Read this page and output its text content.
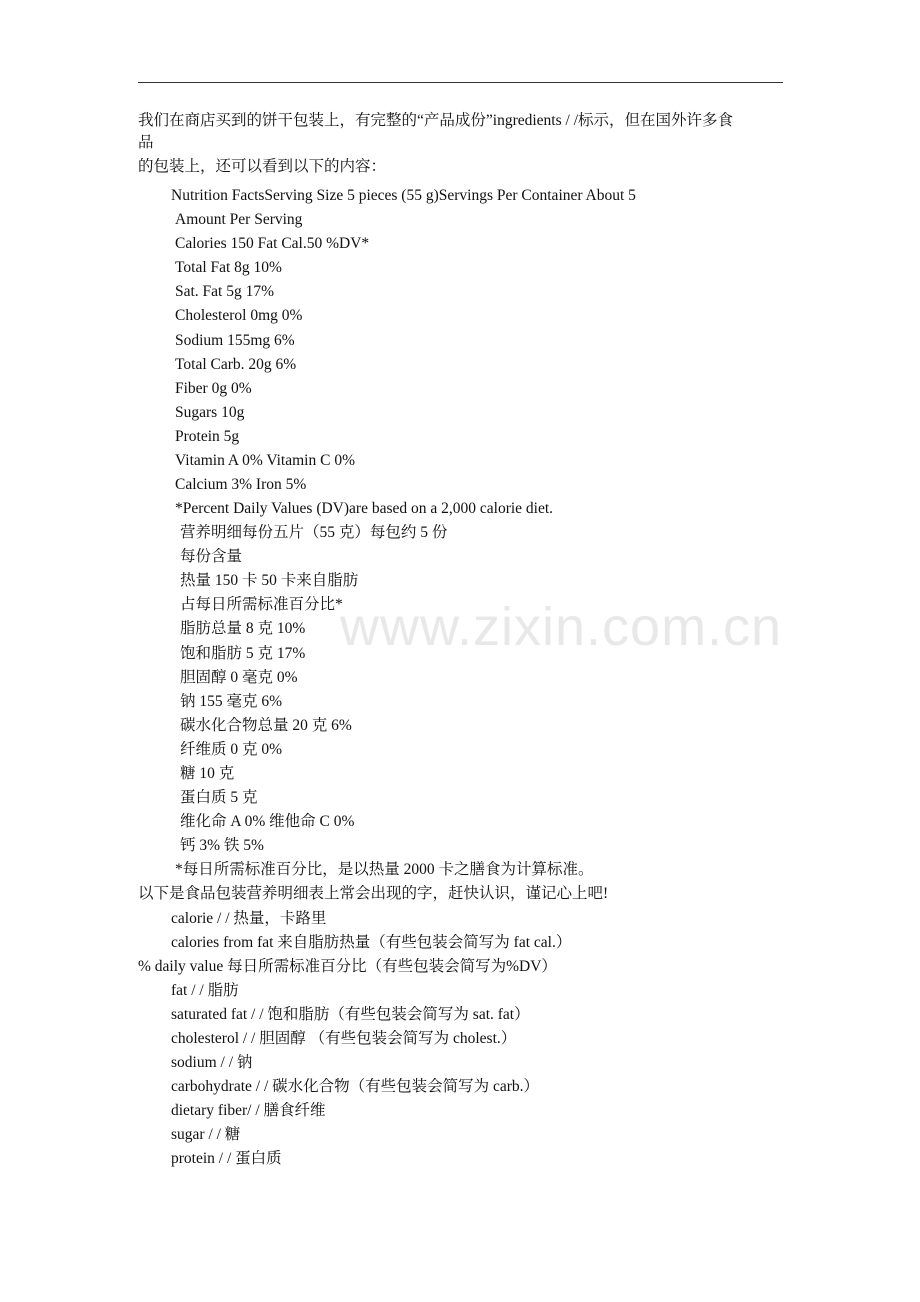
www.zixin.com.cn
我们在商店买到的饼干包装上，有完整的“产品成份”ingredients / /标示，但在国外许多食
品
的包装上，还可以看到以下的内容：
Nutrition FactsServing Size 5 pieces (55 g)Servings Per Container About 5
Amount Per Serving
Calories 150 Fat Cal.50 %DV*
Total Fat 8g 10%
Sat. Fat 5g 17%
Cholesterol 0mg 0%
Sodium 155mg 6%
Total Carb. 20g 6%
Fiber 0g 0%
Sugars 10g
Protein 5g
Vitamin A 0% Vitamin C 0%
Calcium 3% Iron 5%
*Percent Daily Values (DV)are based on a 2,000 calorie diet.
营养明细每份五片（55 克）每包约 5 份
每份含量
热量 150 卡 50 卡来自脂肪
占每日所需标准百分比*
脂肪总量 8 克 10%
饱和脂肪 5 克 17%
胆固醇 0 毫克 0%
钠 155 毫克 6%
碳水化合物总量 20 克 6%
纤维质 0 克 0%
糖 10 克
蛋白质 5 克
维化命 A 0% 维他命 C 0%
钙 3% 铁 5%
*每日所需标准百分比，是以热量 2000 卡之膳食为计算标准。
以下是食品包装营养明细表上常会出现的字，赶快认识，谨记心上吧!
calorie / / 热量，卡路里
calories from fat 来自脂肪热量（有些包装会简写为 fat cal.）
% daily value 每日所需标准百分比（有些包装会简写为%DV）
fat / / 脂肪
saturated fat / / 饱和脂肪（有些包装会简写为 sat. fat）
cholesterol / / 胆固醇 （有些包装会简写为 cholest.）
sodium / / 钠
carbohydrate / / 碳水化合物（有些包装会简写为 carb.）
dietary fiber/ / 膳食纤维
sugar / / 糖
protein / / 蛋白质
